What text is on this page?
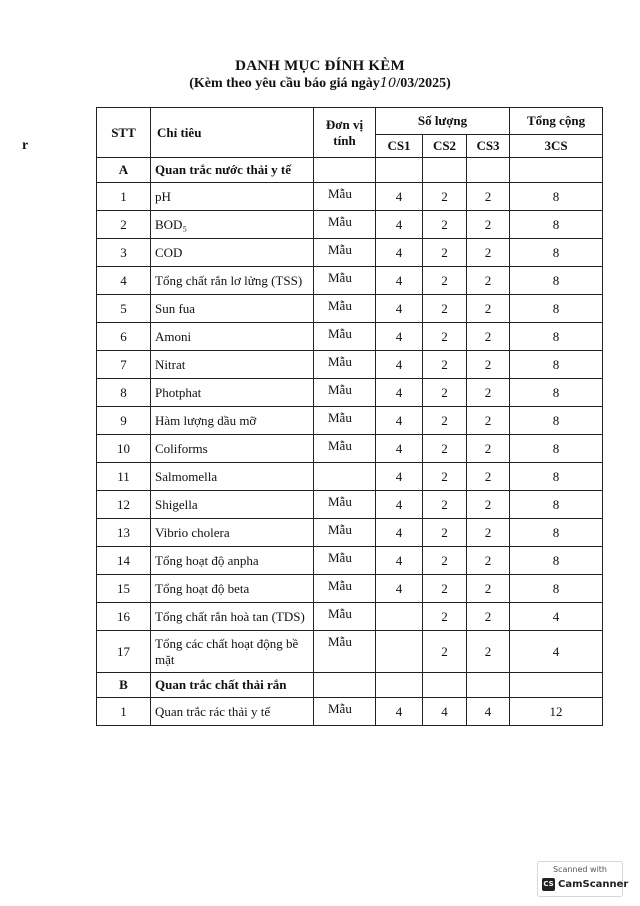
DANH MỤC ĐÍNH KÈM
(Kèm theo yêu cầu báo giá ngày10/03/2025)
r
STT	Chỉ tiêu	Đơn vị tính	Số lượng			Tổng cộng
			CS1	CS2	CS3	3CS
A	Quan trắc nước thải y tế					
1	pH	Mẫu	4	2	2	8
2	BOD₅	Mẫu	4	2	2	8
3	COD	Mẫu	4	2	2	8
4	Tổng chất rắn lơ lửng (TSS)	Mẫu	4	2	2	8
5	Sun fua	Mẫu	4	2	2	8
6	Amoni	Mẫu	4	2	2	8
7	Nitrat	Mẫu	4	2	2	8
8	Photphat	Mẫu	4	2	2	8
9	Hàm lượng dầu mỡ	Mẫu	4	2	2	8
10	Coliforms	Mẫu	4	2	2	8
11	Salmomella		4	2	2	8
12	Shigella	Mẫu	4	2	2	8
13	Vibrio cholera	Mẫu	4	2	2	8
14	Tổng hoạt độ anpha	Mẫu	4	2	2	8
15	Tổng hoạt độ beta	Mẫu	4	2	2	8
16	Tổng chất rắn hoà tan (TDS)	Mẫu		2	2	4
17	Tổng các chất hoạt động bề mặt	Mẫu		2	2	4
B	Quan trắc chất thải rắn					
1	Quan trắc rác thải y tế	Mẫu	4	4	4	12
Scanned with
CS CamScanner
